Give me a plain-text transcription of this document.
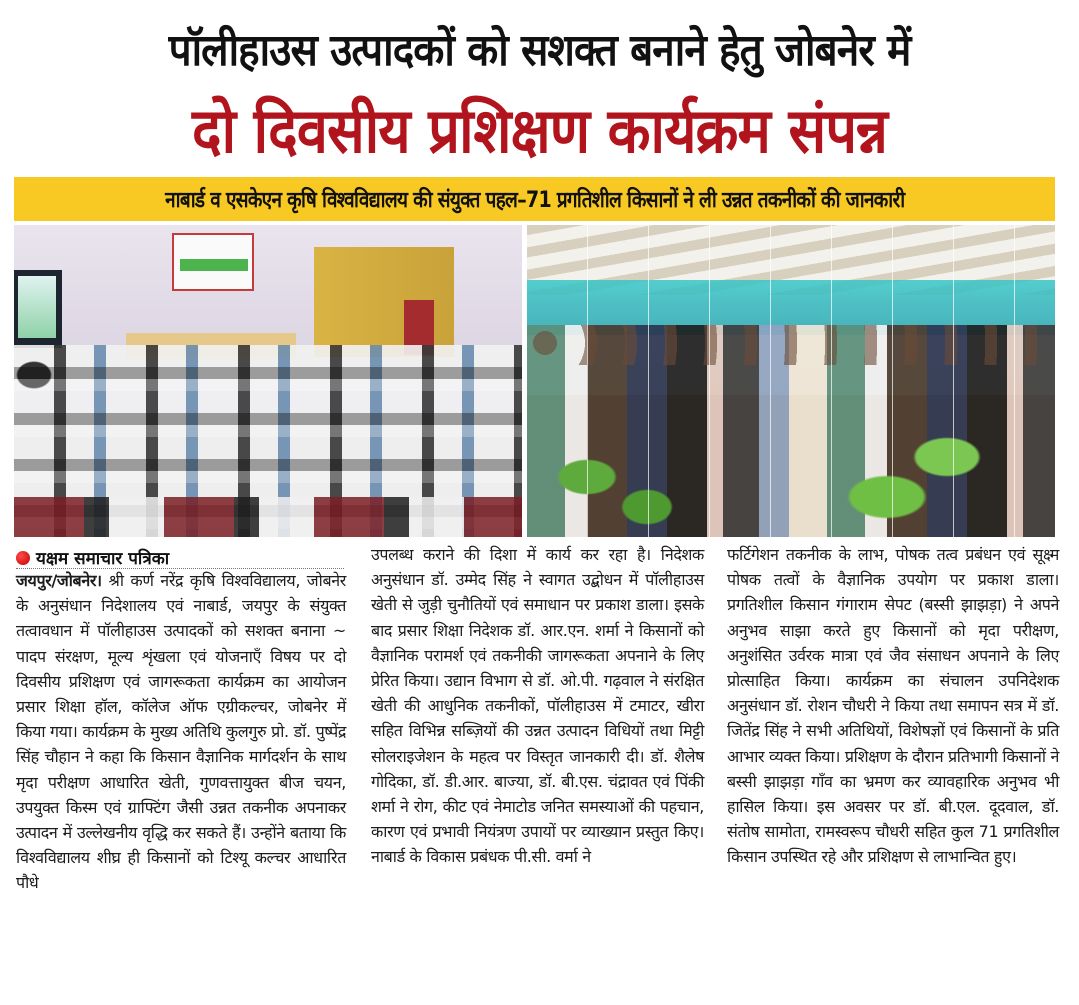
पॉलीहाउस उत्पादकों को सशक्त बनाने हेतु जोबनेर में
दो दिवसीय प्रशिक्षण कार्यक्रम संपन्न
नाबार्ड व एसकेएन कृषि विश्वविद्यालय की संयुक्त पहल–71 प्रगतिशील किसानों ने ली उन्नत तकनीकों की जानकारी
यक्षम समाचार पत्रिका

जयपुर/जोबनेर। श्री कर्ण नरेंद्र कृषि विश्वविद्यालय, जोबनेर के अनुसंधान निदेशालय एवं नाबार्ड, जयपुर के संयुक्त तत्वावधान में पॉलीहाउस उत्पादकों को सशक्त बनाना ~ पादप संरक्षण, मूल्य शृंखला एवं योजनाएँ विषय पर दो दिवसीय प्रशिक्षण एवं जागरूकता कार्यक्रम का आयोजन प्रसार शिक्षा हॉल, कॉलेज ऑफ एग्रीकल्चर, जोबनेर में किया गया। कार्यक्रम के मुख्य अतिथि कुलगुरु प्रो. डॉ. पुष्पेंद्र सिंह चौहान ने कहा कि किसान वैज्ञानिक मार्गदर्शन के साथ मृदा परीक्षण आधारित खेती, गुणवत्तायुक्त बीज चयन, उपयुक्त किस्म एवं ग्राफ्टिंग जैसी उन्नत तकनीक अपनाकर उत्पादन में उल्लेखनीय वृद्धि कर सकते हैं। उन्होंने बताया कि विश्वविद्यालय शीघ्र ही किसानों को टिश्यू कल्चर आधारित पौधे

उपलब्ध कराने की दिशा में कार्य कर रहा है। निदेशक अनुसंधान डॉ. उम्मेद सिंह ने स्वागत उद्बोधन में पॉलीहाउस खेती से जुड़ी चुनौतियों एवं समाधान पर प्रकाश डाला। इसके बाद प्रसार शिक्षा निदेशक डॉ. आर.एन. शर्मा ने किसानों को वैज्ञानिक परामर्श एवं तकनीकी जागरूकता अपनाने के लिए प्रेरित किया। उद्यान विभाग से डॉ. ओ.पी. गढ़वाल ने संरक्षित खेती की आधुनिक तकनीकों, पॉलीहाउस में टमाटर, खीरा सहित विभिन्न सब्ज़ियों की उन्नत उत्पादन विधियों तथा मिट्टी सोलराइजेशन के महत्व पर विस्तृत जानकारी दी। डॉ. शैलेष गोदिका, डॉ. डी.आर. बाज्या, डॉ. बी.एस. चंद्रावत एवं पिंकी शर्मा ने रोग, कीट एवं नेमाटोड जनित समस्याओं की पहचान, कारण एवं प्रभावी नियंत्रण उपायों पर व्याख्यान प्रस्तुत किए। नाबार्ड के विकास प्रबंधक पी.सी. वर्मा ने

फर्टिगेशन तकनीक के लाभ, पोषक तत्व प्रबंधन एवं सूक्ष्म पोषक तत्वों के वैज्ञानिक उपयोग पर प्रकाश डाला। प्रगतिशील किसान गंगाराम सेपट (बस्सी झाझड़ा) ने अपने अनुभव साझा करते हुए किसानों को मृदा परीक्षण, अनुशंसित उर्वरक मात्रा एवं जैव संसाधन अपनाने के लिए प्रोत्साहित किया। कार्यक्रम का संचालन उपनिदेशक अनुसंधान डॉ. रोशन चौधरी ने किया तथा समापन सत्र में डॉ. जितेंद्र सिंह ने सभी अतिथियों, विशेषज्ञों एवं किसानों के प्रति आभार व्यक्त किया। प्रशिक्षण के दौरान प्रतिभागी किसानों ने बस्सी झाझड़ा गाँव का भ्रमण कर व्यावहारिक अनुभव भी हासिल किया। इस अवसर पर डॉ. बी.एल. दूदवाल, डॉ. संतोष सामोता, रामस्वरूप चौधरी सहित कुल 71 प्रगतिशील किसान उपस्थित रहे और प्रशिक्षण से लाभान्वित हुए।
